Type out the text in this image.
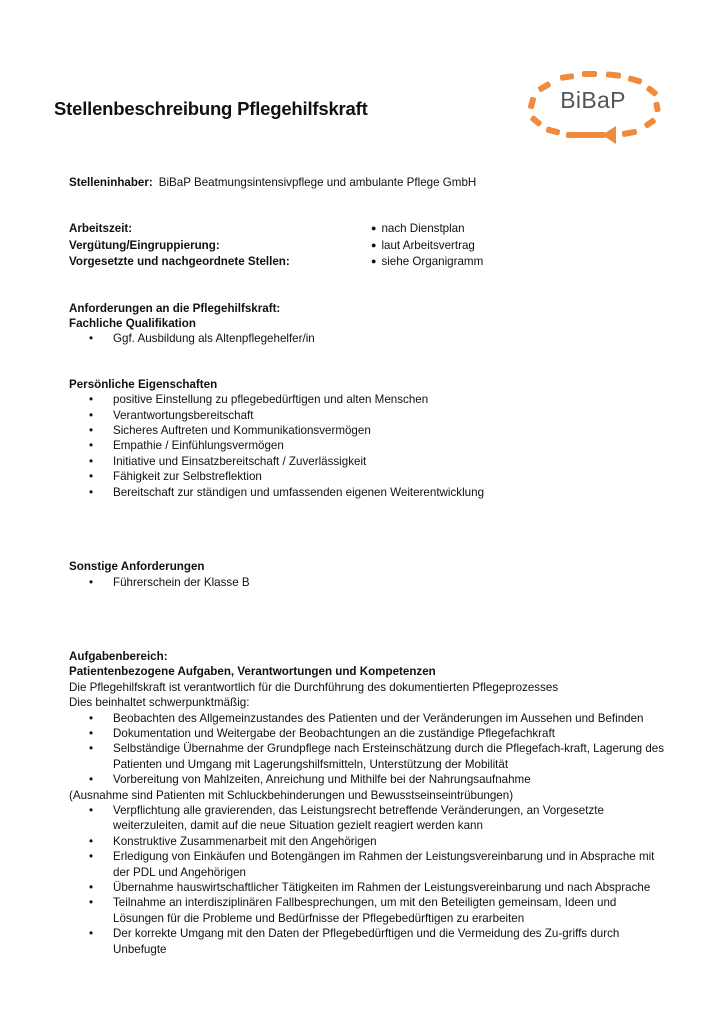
Stellenbeschreibung Pflegehilfskraft	BiBaP
Stelleninhaber: BiBaP Beatmungsintensivpflege und ambulante Pflege GmbH
Arbeitszeit:	● nach Dienstplan
Vergütung/Eingruppierung:	● laut Arbeitsvertrag
Vorgesetzte und nachgeordnete Stellen:	● siehe Organigramm
Anforderungen an die Pflegehilfskraft:
Fachliche Qualifikation
• Ggf. Ausbildung als Altenpflegehelfer/in
Persönliche Eigenschaften
• positive Einstellung zu pflegebedürftigen und alten Menschen
• Verantwortungsbereitschaft
• Sicheres Auftreten und Kommunikationsvermögen
• Empathie / Einfühlungsvermögen
• Initiative und Einsatzbereitschaft / Zuverlässigkeit
• Fähigkeit zur Selbstreflektion
• Bereitschaft zur ständigen und umfassenden eigenen Weiterentwicklung
Sonstige Anforderungen
• Führerschein der Klasse B
Aufgabenbereich:
Patientenbezogene Aufgaben, Verantwortungen und Kompetenzen
Die Pflegehilfskraft ist verantwortlich für die Durchführung des dokumentierten Pflegeprozesses
Dies beinhaltet schwerpunktmäßig:
• Beobachten des Allgemeinzustandes des Patienten und der Veränderungen im Aussehen und Befinden
• Dokumentation und Weitergabe der Beobachtungen an die zuständige Pflegefachkraft
• Selbständige Übernahme der Grundpflege nach Ersteinschätzung durch die Pflegefach-kraft, Lagerung des Patienten und Umgang mit Lagerungshilfsmitteln, Unterstützung der Mobilität
• Vorbereitung von Mahlzeiten, Anreichung und Mithilfe bei der Nahrungsaufnahme
(Ausnahme sind Patienten mit Schluckbehinderungen und Bewusstseinseintrübungen)
• Verpflichtung alle gravierenden, das Leistungsrecht betreffende Veränderungen, an Vorgesetzte weiterzuleiten, damit auf die neue Situation gezielt reagiert werden kann
• Konstruktive Zusammenarbeit mit den Angehörigen
• Erledigung von Einkäufen und Botengängen im Rahmen der Leistungsvereinbarung und in Absprache mit der PDL und Angehörigen
• Übernahme hauswirtschaftlicher Tätigkeiten im Rahmen der Leistungsvereinbarung und nach Absprache
• Teilnahme an interdisziplinären Fallbesprechungen, um mit den Beteiligten gemeinsam, Ideen und Lösungen für die Probleme und Bedürfnisse der Pflegebedürftigen zu erarbeiten
• Der korrekte Umgang mit den Daten der Pflegebedürftigen und die Vermeidung des Zu-griffs durch Unbefugte
